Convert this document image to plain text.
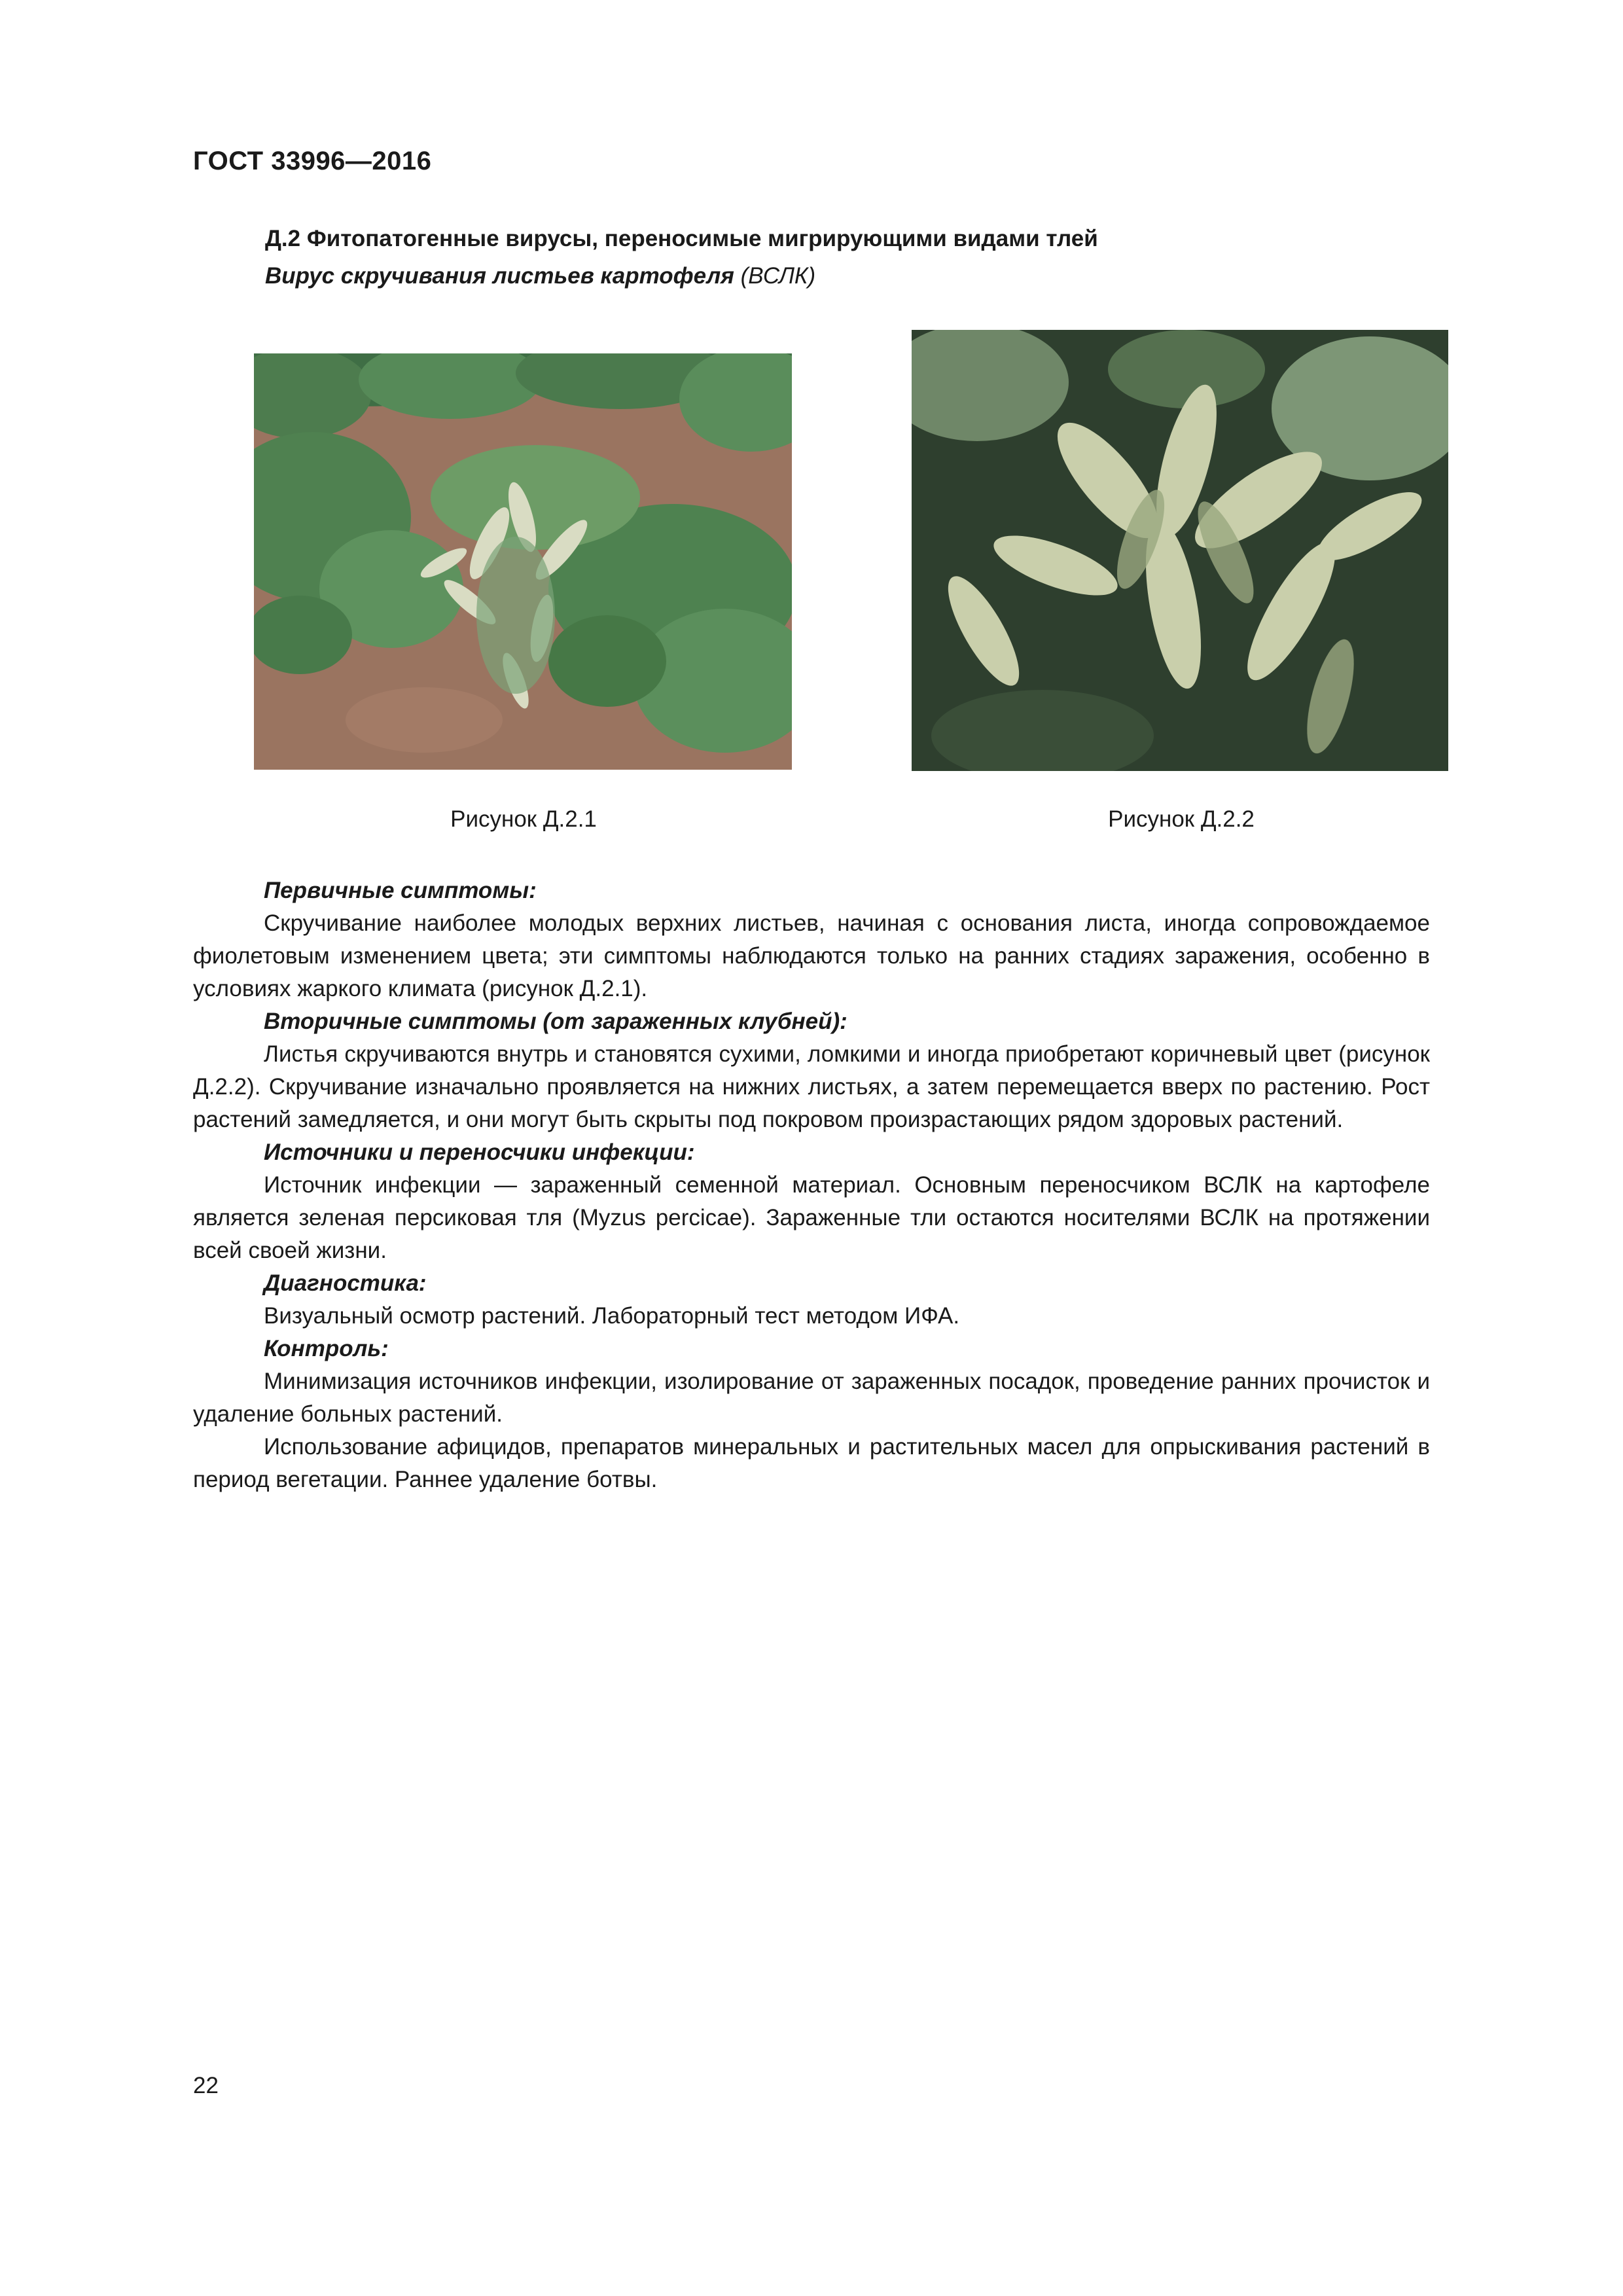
ГОСТ 33996—2016
Д.2 Фитопатогенные вирусы, переносимые мигрирующими видами тлей
Вирус скручивания листьев картофеля (ВСЛК)
Рисунок Д.2.1	Рисунок Д.2.2

Первичные симптомы:

Скручивание наиболее молодых верхних листьев, начиная с основания листа, иногда сопровождаемое фиолетовым изменением цвета; эти симптомы наблюдаются только на ранних стадиях заражения, особенно в условиях жаркого климата (рисунок Д.2.1).

Вторичные симптомы (от зараженных клубней):

Листья скручиваются внутрь и становятся сухими, ломкими и иногда приобретают коричневый цвет (рисунок Д.2.2). Скручивание изначально проявляется на нижних листьях, а затем перемещается вверх по растению. Рост растений замедляется, и они могут быть скрыты под покровом произрастающих рядом здоровых растений.

Источники и переносчики инфекции:

Источник инфекции — зараженный семенной материал. Основным переносчиком ВСЛК на картофеле является зеленая персиковая тля (Myzus percicae). Зараженные тли остаются носителями ВСЛК на протяжении всей своей жизни.

Диагностика:

Визуальный осмотр растений. Лабораторный тест методом ИФА.

Контроль:

Минимизация источников инфекции, изолирование от зараженных посадок, проведение ранних прочисток и удаление больных растений.

Использование афицидов, препаратов минеральных и растительных масел для опрыскивания растений в период вегетации. Раннее удаление ботвы.

22
